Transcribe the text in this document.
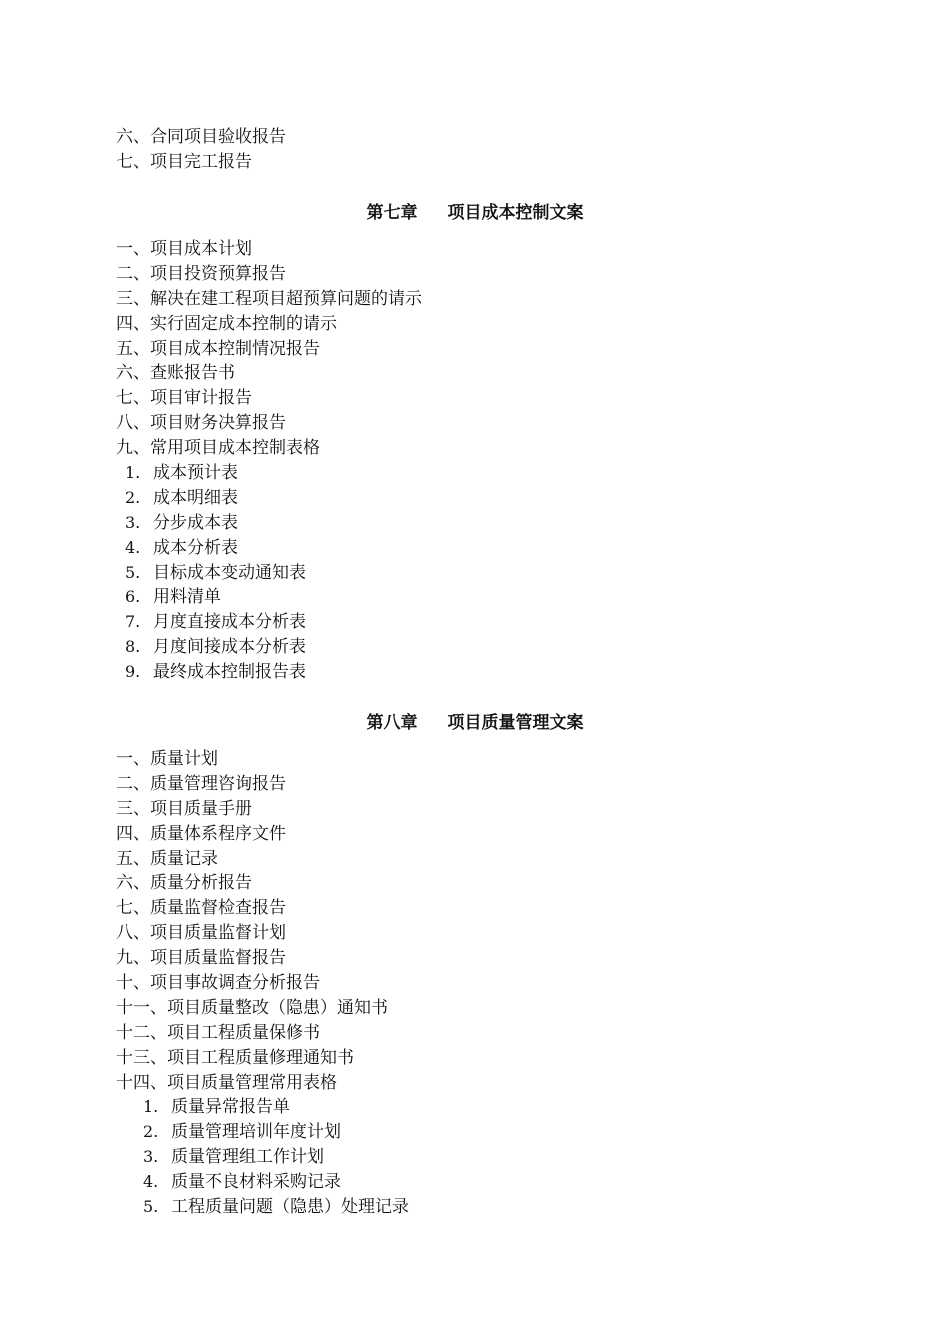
六、合同项目验收报告
七、项目完工报告
第七章 项目成本控制文案
一、项目成本计划
二、项目投资预算报告
三、解决在建工程项目超预算问题的请示
四、实行固定成本控制的请示
五、项目成本控制情况报告
六、查账报告书
七、项目审计报告
八、项目财务决算报告
九、常用项目成本控制表格
1. 成本预计表
2. 成本明细表
3. 分步成本表
4. 成本分析表
5. 目标成本变动通知表
6. 用料清单
7. 月度直接成本分析表
8. 月度间接成本分析表
9. 最终成本控制报告表
第八章 项目质量管理文案
一、质量计划
二、质量管理咨询报告
三、项目质量手册
四、质量体系程序文件
五、质量记录
六、质量分析报告
七、质量监督检查报告
八、项目质量监督计划
九、项目质量监督报告
十、项目事故调查分析报告
十一、项目质量整改（隐患）通知书
十二、项目工程质量保修书
十三、项目工程质量修理通知书
十四、项目质量管理常用表格
1. 质量异常报告单
2. 质量管理培训年度计划
3. 质量管理组工作计划
4. 质量不良材料采购记录
5. 工程质量问题（隐患）处理记录
